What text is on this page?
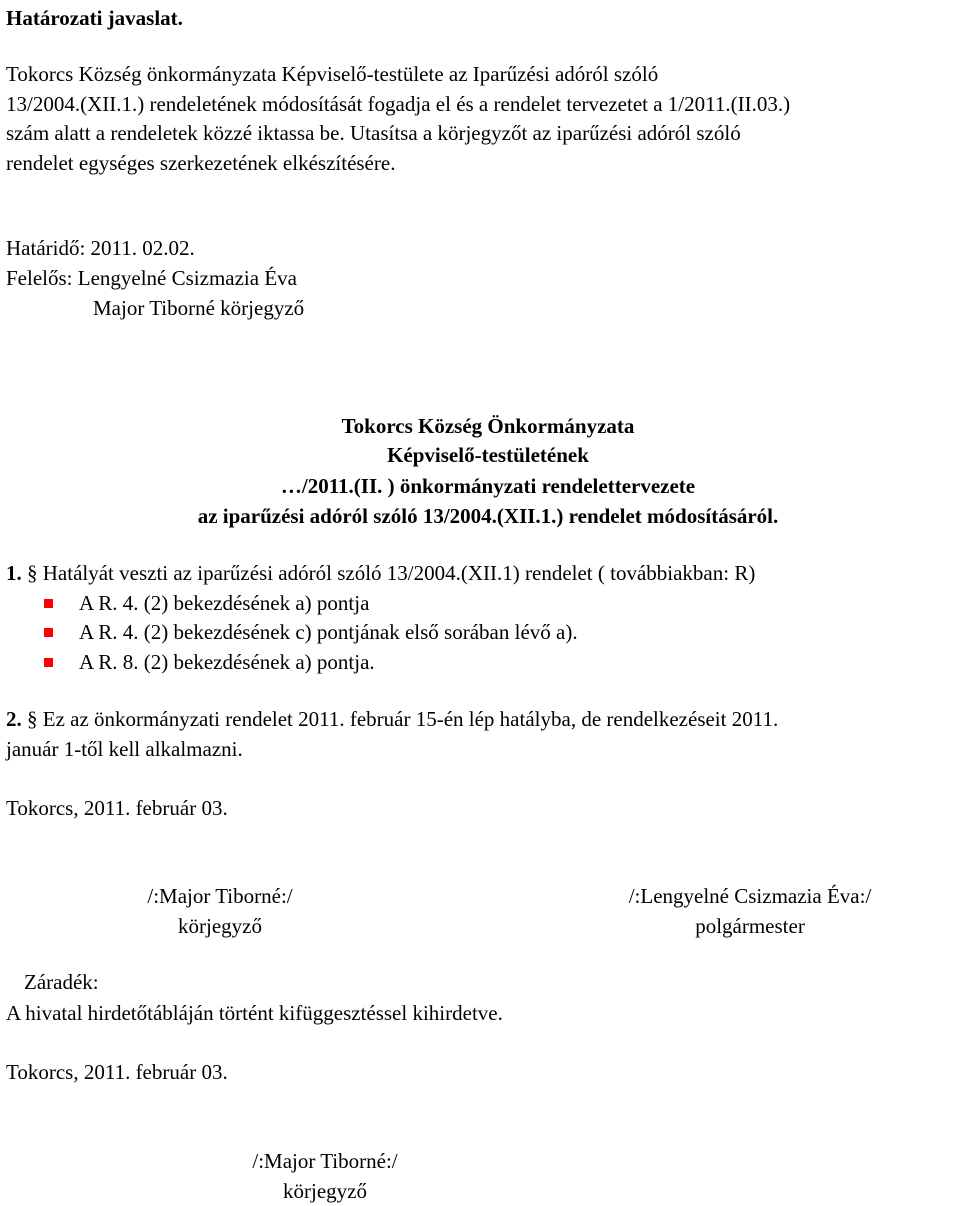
Határozati javaslat.
Tokorcs Község önkormányzata Képviselő-testülete az Iparűzési adóról szóló
13/2004.(XII.1.) rendeletének módosítását fogadja el és a rendelet tervezetet a 1/2011.(II.03.)
szám alatt a rendeletek közzé iktassa be. Utasítsa a körjegyzőt az iparűzési adóról szóló
rendelet egységes szerkezetének elkészítésére.
Határidő: 2011. 02.02.
Felelős: Lengyelné Csizmazia Éva
Major Tiborné körjegyző
Tokorcs Község Önkormányzata
Képviselő-testületének
…/2011.(II. ) önkormányzati rendelettervezete
az iparűzési adóról szóló 13/2004.(XII.1.) rendelet módosításáról.
1. § Hatályát veszti az iparűzési adóról szóló 13/2004.(XII.1) rendelet ( továbbiakban: R)
A R. 4. (2) bekezdésének a) pontja
A R. 4. (2) bekezdésének c) pontjának első sorában lévő a).
A R. 8. (2) bekezdésének a) pontja.
2. § Ez az önkormányzati rendelet 2011. február 15-én lép hatályba, de rendelkezéseit 2011.
január 1-től kell alkalmazni.
Tokorcs, 2011. február 03.
/:Major Tiborné:/
körjegyző
/:Lengyelné Csizmazia Éva:/
polgármester
Záradék:
A hivatal hirdetőtábláján történt kifüggesztéssel kihirdetve.
Tokorcs, 2011. február 03.
/:Major Tiborné:/
körjegyző
